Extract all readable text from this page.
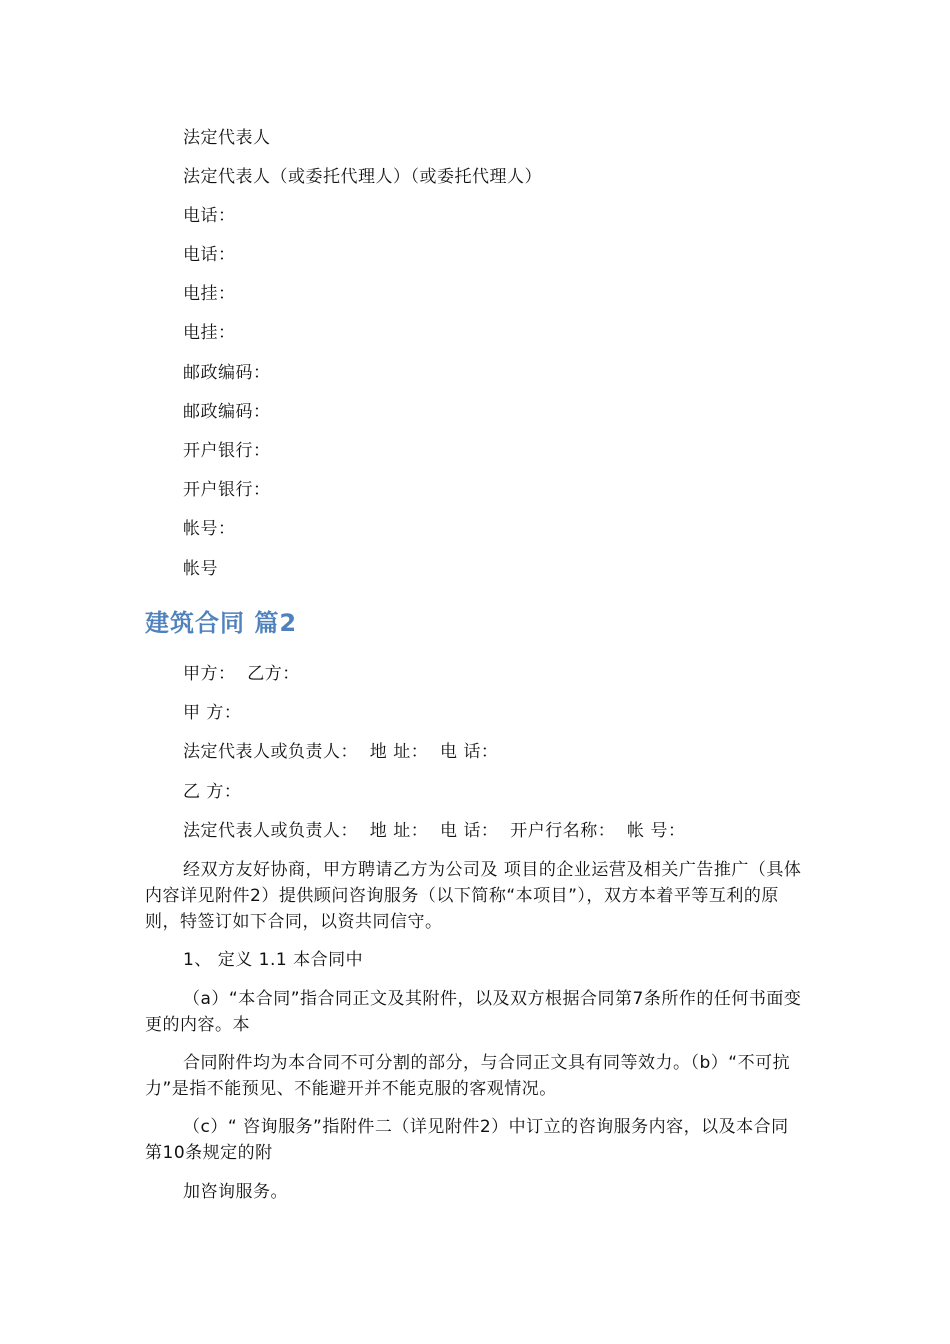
法定代表人
法定代表人（或委托代理人）（或委托代理人）
电话：
电话：
电挂：
电挂：
邮政编码：
邮政编码：
开户银行：
开户银行：
帐号：
帐号
建筑合同 篇2
甲方：  乙方：
甲 方：
法定代表人或负责人：  地 址：  电 话：
乙 方：
法定代表人或负责人：  地 址：  电 话：  开户行名称：  帐 号：
经双方友好协商，甲方聘请乙方为公司及 项目的企业运营及相关广告推广（具体内容详见附件2）提供顾问咨询服务（以下简称“本项目”），双方本着平等互利的原则，特签订如下合同，以资共同信守。
1、 定义 1.1 本合同中
（a）“本合同”指合同正文及其附件，以及双方根据合同第7条所作的任何书面变更的内容。本
合同附件均为本合同不可分割的部分，与合同正文具有同等效力。（b）“不可抗力”是指不能预见、不能避开并不能克服的客观情况。
（c）“ 咨询服务”指附件二（详见附件2）中订立的咨询服务内容，以及本合同第10条规定的附
加咨询服务。
